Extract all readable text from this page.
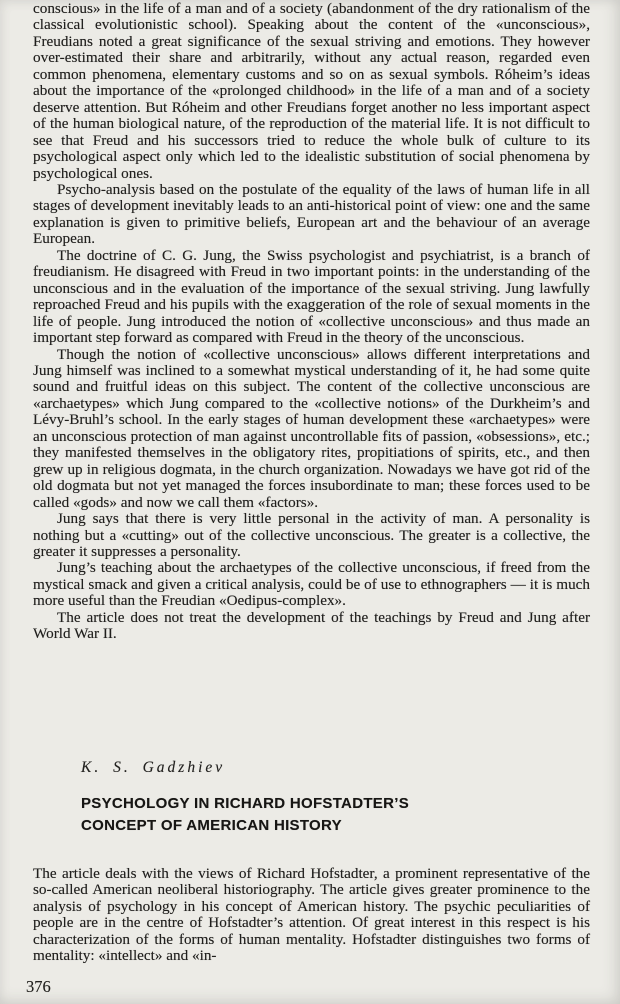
conscious» in the life of a man and of a society (abandonment of the dry rationalism of the classical evolutionistic school). Speaking about the content of the «unconscious», Freudians noted a great significance of the sexual striving and emotions. They however over-estimated their share and arbitrarily, without any actual reason, regarded even common phenomena, elementary customs and so on as sexual symbols. Róheim’s ideas about the importance of the «prolonged childhood» in the life of a man and of a society deserve attention. But Róheim and other Freudians forget another no less important aspect of the human biological nature, of the reproduction of the material life. It is not difficult to see that Freud and his successors tried to reduce the whole bulk of culture to its psychological aspect only which led to the idealistic substitution of social phenomena by psychological ones.

Psycho-analysis based on the postulate of the equality of the laws of human life in all stages of development inevitably leads to an anti-historical point of view: one and the same explanation is given to primitive beliefs, European art and the behaviour of an average European.

The doctrine of C. G. Jung, the Swiss psychologist and psychiatrist, is a branch of freudianism. He disagreed with Freud in two important points: in the understanding of the unconscious and in the evaluation of the importance of the sexual striving. Jung lawfully reproached Freud and his pupils with the exaggeration of the role of sexual moments in the life of people. Jung introduced the notion of «collective unconscious» and thus made an important step forward as compared with Freud in the theory of the unconscious.

Though the notion of «collective unconscious» allows different interpretations and Jung himself was inclined to a somewhat mystical understanding of it, he had some quite sound and fruitful ideas on this subject. The content of the collective unconscious are «archaetypes» which Jung compared to the «collective notions» of the Durkheim’s and Lévy-Bruhl’s school. In the early stages of human development these «archaetypes» were an unconscious protection of man against uncontrollable fits of passion, «obsessions», etc.; they manifested themselves in the obligatory rites, propitiations of spirits, etc., and then grew up in religious dogmata, in the church organization. Nowadays we have got rid of the old dogmata but not yet managed the forces insubordinate to man; these forces used to be called «gods» and now we call them «factors».

Jung says that there is very little personal in the activity of man. A personality is nothing but a «cutting» out of the collective unconscious. The greater is a collective, the greater it suppresses a personality.

Jung’s teaching about the archaetypes of the collective unconscious, if freed from the mystical smack and given a critical analysis, could be of use to ethnographers — it is much more useful than the Freudian «Oedipus-complex».

The article does not treat the development of the teachings by Freud and Jung after World War II.

K. S. Gadzhiev
PSYCHOLOGY IN RICHARD HOFSTADTER’S
CONCEPT OF AMERICAN HISTORY

The article deals with the views of Richard Hofstadter, a prominent representative of the so-called American neoliberal historiography. The article gives greater prominence to the analysis of psychology in his concept of American history. The psychic peculiarities of people are in the centre of Hofstadter’s attention. Of great interest in this respect is his characterization of the forms of human mentality. Hofstadter distinguishes two forms of mentality: «intellect» and «in-

376
